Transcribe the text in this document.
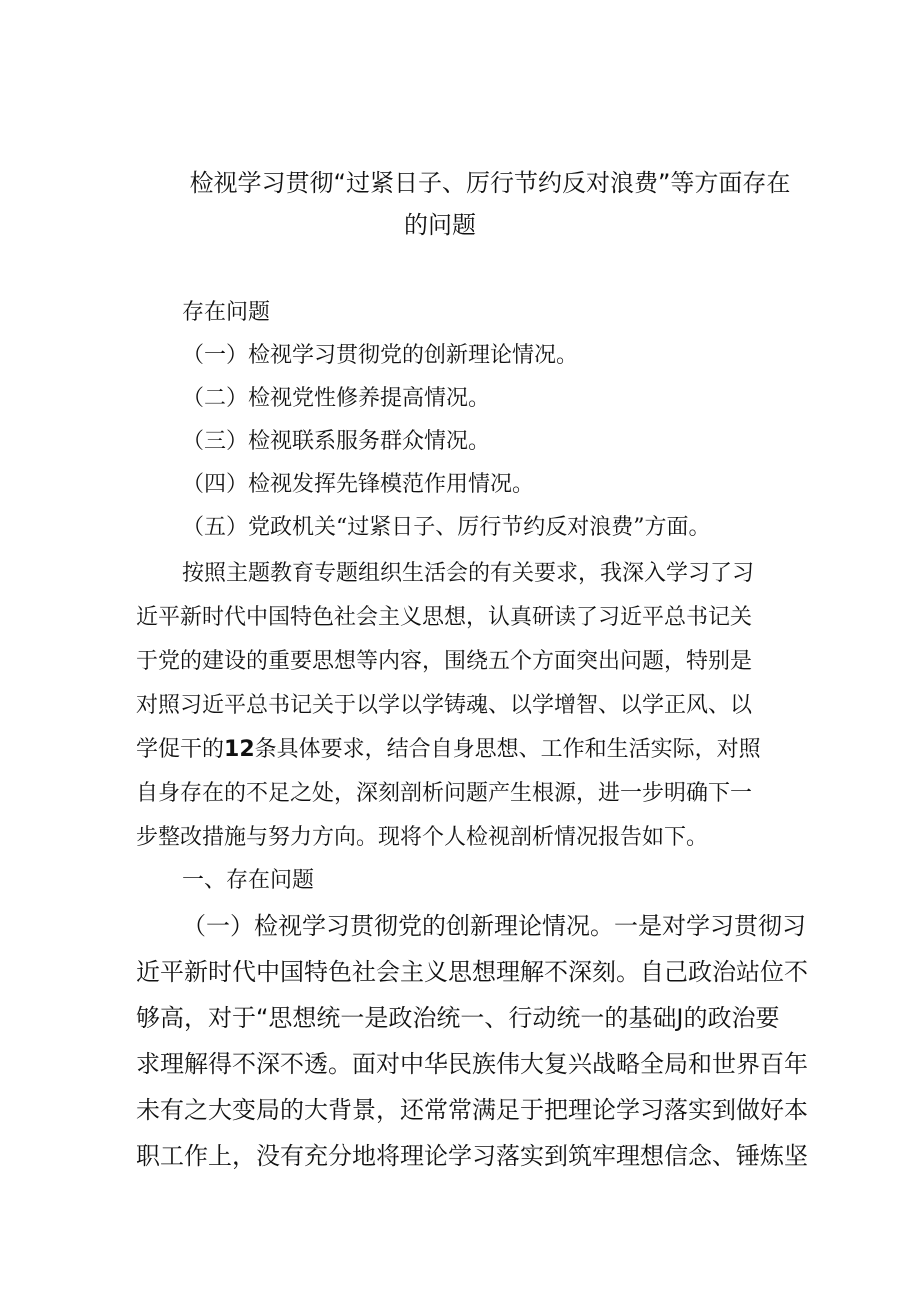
检视学习贯彻“过紧日子、厉行节约反对浪费”等方面存在
的问题
存在问题
（一）检视学习贯彻党的创新理论情况。
（二）检视党性修养提高情况。
（三）检视联系服务群众情况。
（四）检视发挥先锋模范作用情况。
（五）党政机关“过紧日子、厉行节约反对浪费”方面。
按照主题教育专题组织生活会的有关要求，我深入学习了习
近平新时代中国特色社会主义思想，认真研读了习近平总书记关
于党的建设的重要思想等内容，围绕五个方面突出问题，特别是
对照习近平总书记关于以学以学铸魂、以学增智、以学正风、以
学促干的12条具体要求，结合自身思想、工作和生活实际，对照
自身存在的不足之处，深刻剖析问题产生根源，进一步明确下一
步整改措施与努力方向。现将个人检视剖析情况报告如下。
一、存在问题
（一）检视学习贯彻党的创新理论情况。一是对学习贯彻习
近平新时代中国特色社会主义思想理解不深刻。自己政治站位不
够高，对于“思想统一是政治统一、行动统一的基础J的政治要
求理解得不深不透。面对中华民族伟大复兴战略全局和世界百年
未有之大变局的大背景，还常常满足于把理论学习落实到做好本
职工作上，没有充分地将理论学习落实到筑牢理想信念、锤炼坚
